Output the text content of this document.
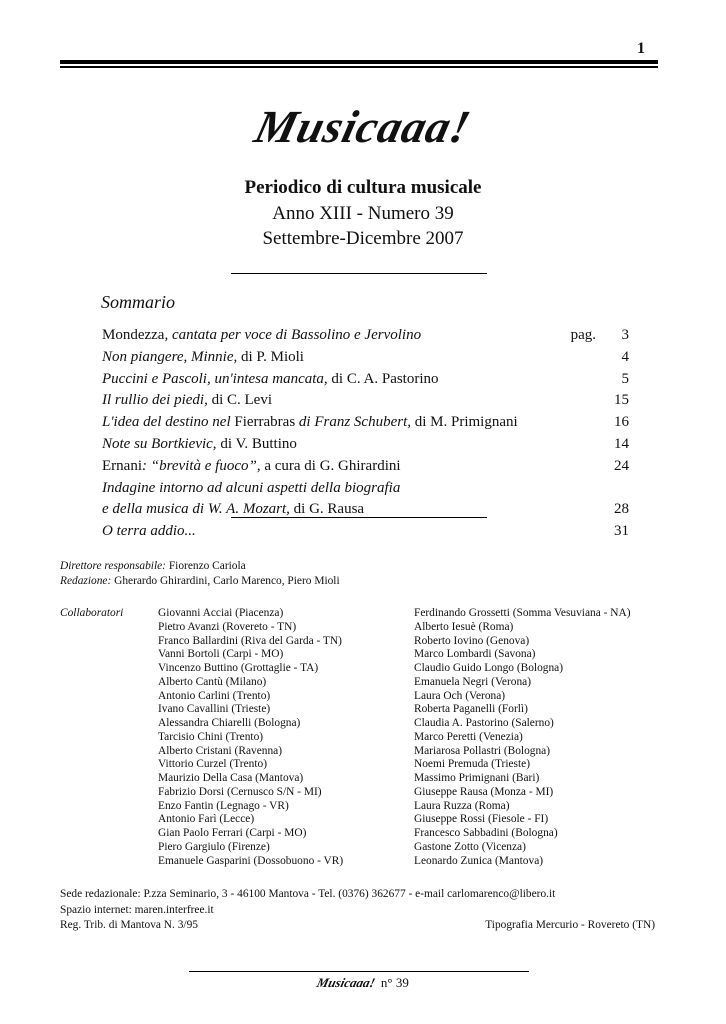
1
Musicaaa!
Periodico di cultura musicale
Anno XIII - Numero 39
Settembre-Dicembre 2007
Sommario
Mondezza, cantata per voce di Bassolino e Jervolino	pag. 3
Non piangere, Minnie, di P. Mioli	4
Puccini e Pascoli, un'intesa mancata, di C. A. Pastorino	5
Il rullio dei piedi, di C. Levi	15
L'idea del destino nel Fierrabras di Franz Schubert, di M. Primignani	16
Note su Bortkievic, di V. Buttino	14
Ernani: “brevità e fuoco”, a cura di G. Ghirardini	24
Indagine intorno ad alcuni aspetti della biografia
e della musica di W. A. Mozart, di G. Rausa	28
O terra addio...	31
Direttore responsabile: Fiorenzo Cariola
Redazione: Gherardo Ghirardini, Carlo Marenco, Piero Mioli
Collaboratori	Giovanni Acciai (Piacenza)
Pietro Avanzi (Rovereto - TN)
Franco Ballardini (Riva del Garda - TN)
Vanni Bortoli (Carpi - MO)
Vincenzo Buttino (Grottaglie - TA)
Alberto Cantù (Milano)
Antonio Carlini (Trento)
Ivano Cavallini (Trieste)
Alessandra Chiarelli (Bologna)
Tarcisio Chini (Trento)
Alberto Cristani (Ravenna)
Vittorio Curzel (Trento)
Maurizio Della Casa (Mantova)
Fabrizio Dorsi (Cernusco S/N - MI)
Enzo Fantin (Legnago - VR)
Antonio Farì (Lecce)
Gian Paolo Ferrari (Carpi - MO)
Piero Gargiulo (Firenze)
Emanuele Gasparini (Dossobuono - VR)
Ferdinando Grossetti (Somma Vesuviana - NA)
Alberto Iesuè (Roma)
Roberto Iovino (Genova)
Marco Lombardi (Savona)
Claudio Guido Longo (Bologna)
Emanuela Negri (Verona)
Laura Och (Verona)
Roberta Paganelli (Forlì)
Claudia A. Pastorino (Salerno)
Marco Peretti (Venezia)
Mariarosa Pollastri (Bologna)
Noemi Premuda (Trieste)
Massimo Primignani (Bari)
Giuseppe Rausa (Monza - MI)
Laura Ruzza (Roma)
Giuseppe Rossi (Fiesole - FI)
Francesco Sabbadini (Bologna)
Gastone Zotto (Vicenza)
Leonardo Zunica (Mantova)
Sede redazionale: P.zza Seminario, 3 - 46100 Mantova - Tel. (0376) 362677 - e-mail carlomarenco@libero.it
Spazio internet: maren.interfree.it
Reg. Trib. di Mantova N. 3/95	Tipografia Mercurio - Rovereto (TN)
Musicaaa! n° 39
